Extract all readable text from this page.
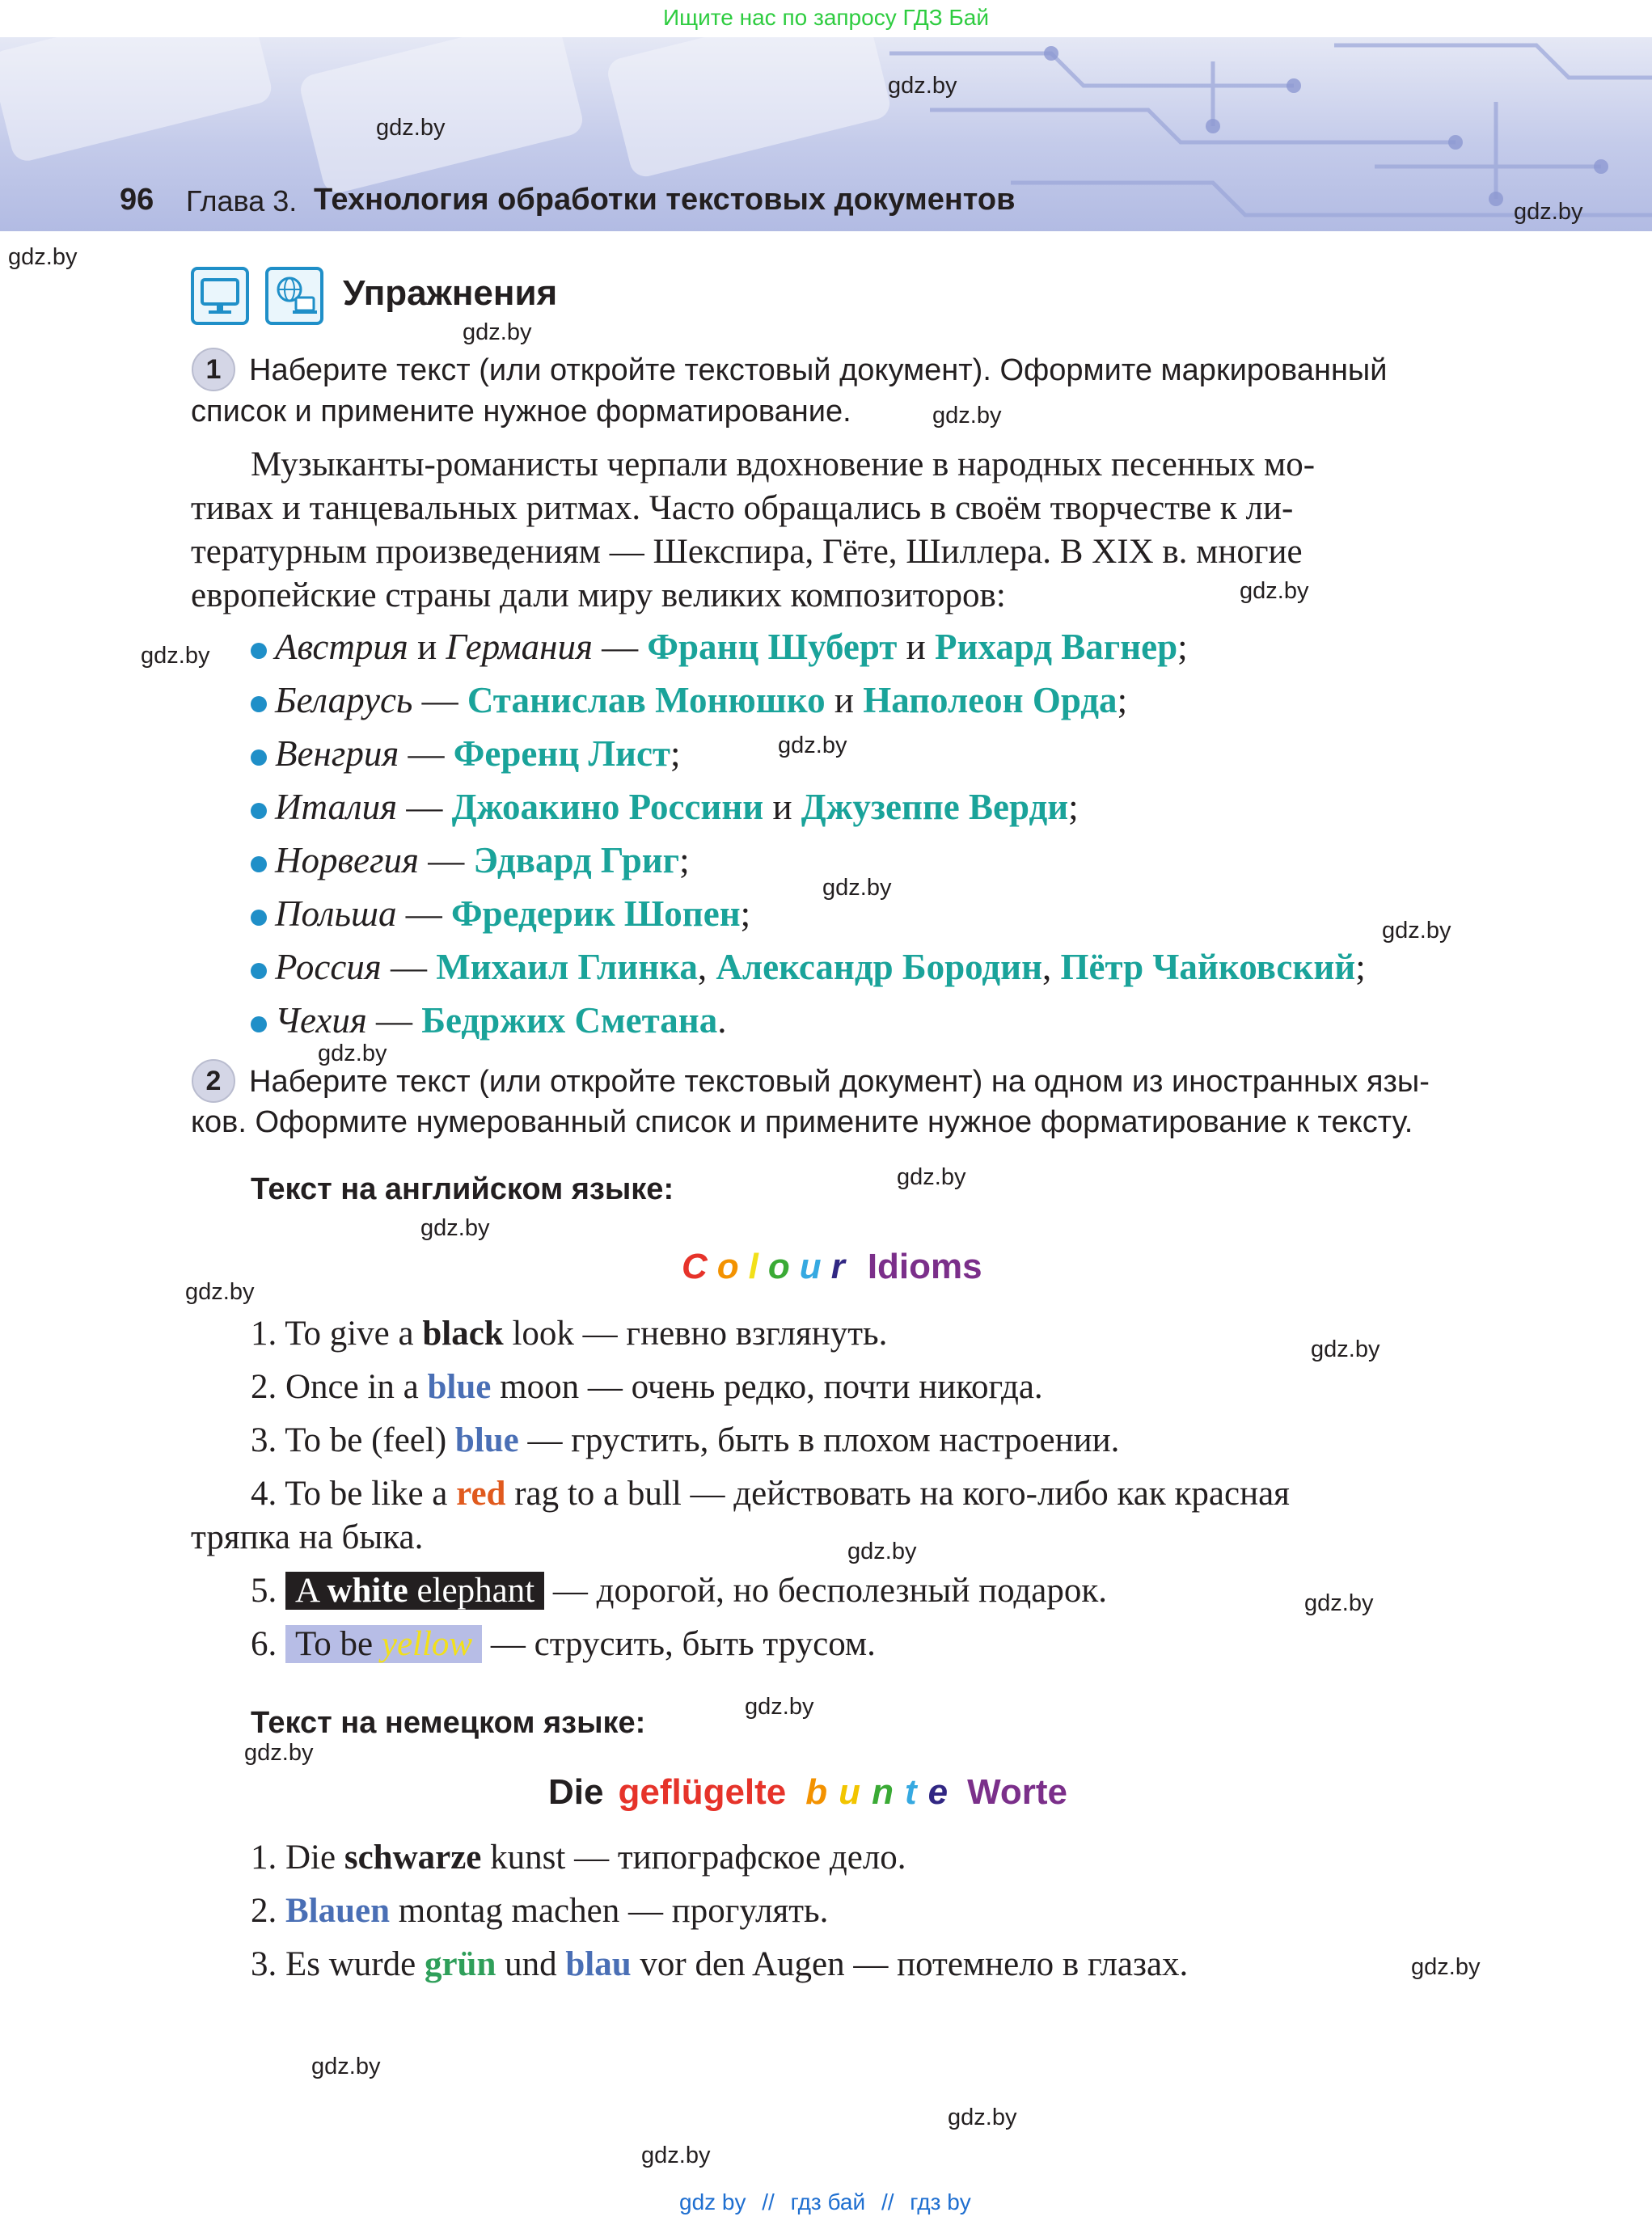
Ищите нас по запросу ГДЗ Бай
96 Глава 3. Технология обработки текстовых документов
gdz.by
gdz.by
gdz.by
gdz.by
gdz.by
gdz.by
gdz.by
gdz.by
gdz.by
gdz.by
gdz.by
gdz.by
gdz.by
gdz.by
gdz.by
gdz.by
gdz.by
gdz.by
gdz.by
gdz.by
gdz.by
gdz.by
gdz.by
gdz.by
Упражнения
1 Наберите текст (или откройте текстовый документ). Оформите маркированный
список и примените нужное форматирование.
Музыканты-романисты черпали вдохновение в народных песенных мо-
тивах и танцевальных ритмах. Часто обращались в своём творчестве к ли-
тературным произведениям — Шекспира, Гёте, Шиллера. В XIX в. многие
европейские страны дали миру великих композиторов:
Австрия и Германия — Франц Шуберт и Рихард Вагнер;
Беларусь — Станислав Монюшко и Наполеон Орда;
Венгрия — Ференц Лист;
Италия — Джоакино Россини и Джузеппе Верди;
Норвегия — Эдвард Григ;
Польша — Фредерик Шопен;
Россия — Михаил Глинка, Александр Бородин, Пётр Чайковский;
Чехия — Бедржих Сметана.
2 Наберите текст (или откройте текстовый документ) на одном из иностранных язы-
ков. Оформите нумерованный список и примените нужное форматирование к тексту.
Текст на английском языке:
C o l o u r Idioms
1. To give a black look — гневно взглянуть.
2. Once in a blue moon — очень редко, почти никогда.
3. To be (feel) blue — грустить, быть в плохом настроении.
4. To be like a red rag to a bull — действовать на кого-либо как красная
тряпка на быка.
5. A white elephant — дорогой, но бесполезный подарок.
6. To be yellow — струсить, быть трусом.
Текст на немецком языке:
Die geflügelte b u n t e Worte
1. Die schwarze kunst — типографское дело.
2. Blauen montag machen — прогулять.
3. Es wurde grün und blau vor den Augen — потемнело в глазах.
gdz by // гдз бай // гдз by
